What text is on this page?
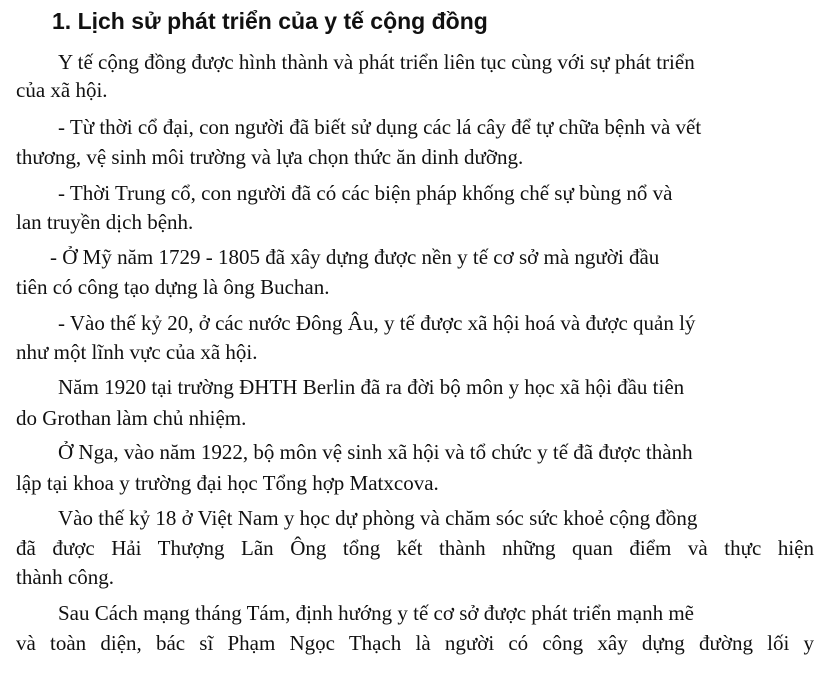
1. Lịch sử phát triển của y tế cộng đồng

Y tế cộng đồng được hình thành và phát triển liên tục cùng với sự phát triển

của xã hội.

- Từ thời cổ đại, con người đã biết sử dụng các lá cây để tự chữa bệnh và vết

thương, vệ sinh môi trường và lựa chọn thức ăn dinh dưỡng.

- Thời Trung cổ, con người đã có các biện pháp khống chế sự bùng nổ và

lan truyền dịch bệnh.

- Ở Mỹ năm 1729 - 1805 đã xây dựng được nền y tế cơ sở mà người đầu

tiên có công tạo dựng là ông Buchan.

- Vào thế kỷ 20, ở các nước Đông Âu, y tế được xã hội hoá và được quản lý

như một lĩnh vực của xã hội.

Năm 1920 tại trường ĐHTH Berlin đã ra đời bộ môn y học xã hội đầu tiên

do Grothan làm chủ nhiệm.

Ở Nga, vào năm 1922, bộ môn vệ sinh xã hội và tổ chức y tế đã được thành

lập tại khoa y trường đại học Tổng hợp Matxcova.

Vào thế kỷ 18 ở Việt Nam y học dự phòng và chăm sóc sức khoẻ cộng đồng

đã được Hải Thượng Lãn Ông tổng kết thành những quan điểm và thực hiện

thành công.

Sau Cách mạng tháng Tám, định hướng y tế cơ sở được phát triển mạnh mẽ

và toàn diện, bác sĩ Phạm Ngọc Thạch là người có công xây dựng đường lối y
